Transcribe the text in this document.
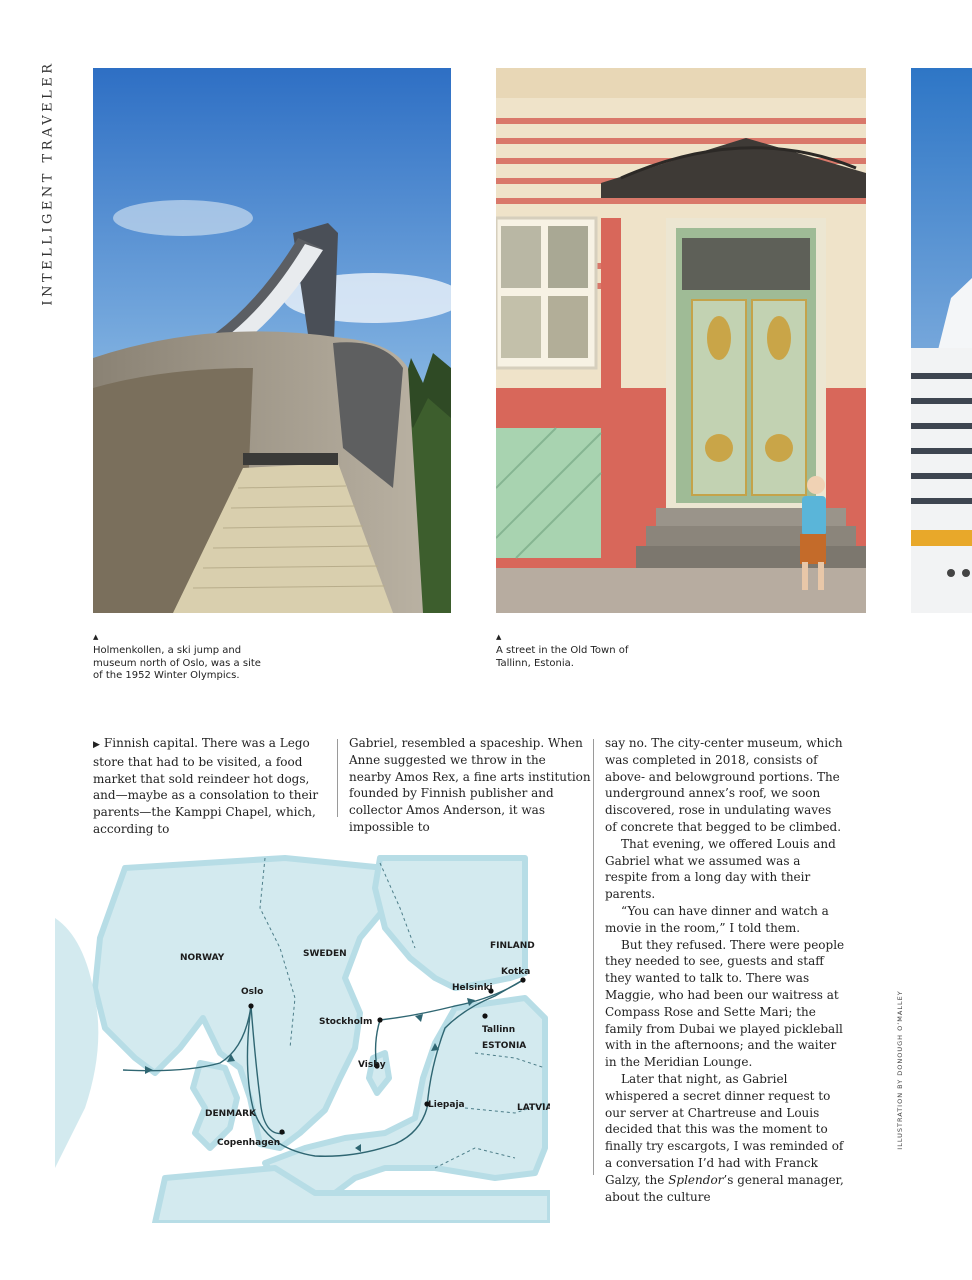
INTELLIGENT TRAVELER
▲
Holmenkollen, a ski jump and museum north of Oslo, was a site of the 1952 Winter Olympics.
▲
A street in the Old Town of Tallinn, Estonia.

▶ Finnish capital. There was a Lego store that had to be visited, a food market that sold reindeer hot dogs, and—maybe as a consolation to their parents—the Kamppi Chapel, which, according to

Gabriel, resembled a spaceship. When Anne suggested we throw in the nearby Amos Rex, a fine arts institution founded by Finnish publisher and collector Amos Anderson, it was impossible to

say no. The city-center museum, which was completed in 2018, consists of above- and belowground portions. The underground annex’s roof, we soon discovered, rose in undulating waves of concrete that begged to be climbed.

That evening, we offered Louis and Gabriel what we assumed was a respite from a long day with their parents.

“You can have dinner and watch a movie in the room,” I told them.

But they refused. There were people they needed to see, guests and staff they wanted to talk to. There was Maggie, who had been our waitress at Compass Rose and Sette Mari; the family from Dubai we played pickleball with in the afternoons; and the waiter in the Meridian Lounge.

Later that night, as Gabriel whispered a secret dinner request to our server at Chartreuse and Louis decided that this was the moment to finally try escargots, I was reminded of a conversation I’d had with Franck Galzy, the Splendor’s general manager, about the culture

NORWAY	SWEDEN
FINLAND
DENMARK
ESTONIA
LATVIA
Oslo
Stockholm
Visby
Helsinki
Kotka
Tallinn
Liepaja
Copenhagen	ILLUSTRATION BY DONOUGH O’MALLEY
